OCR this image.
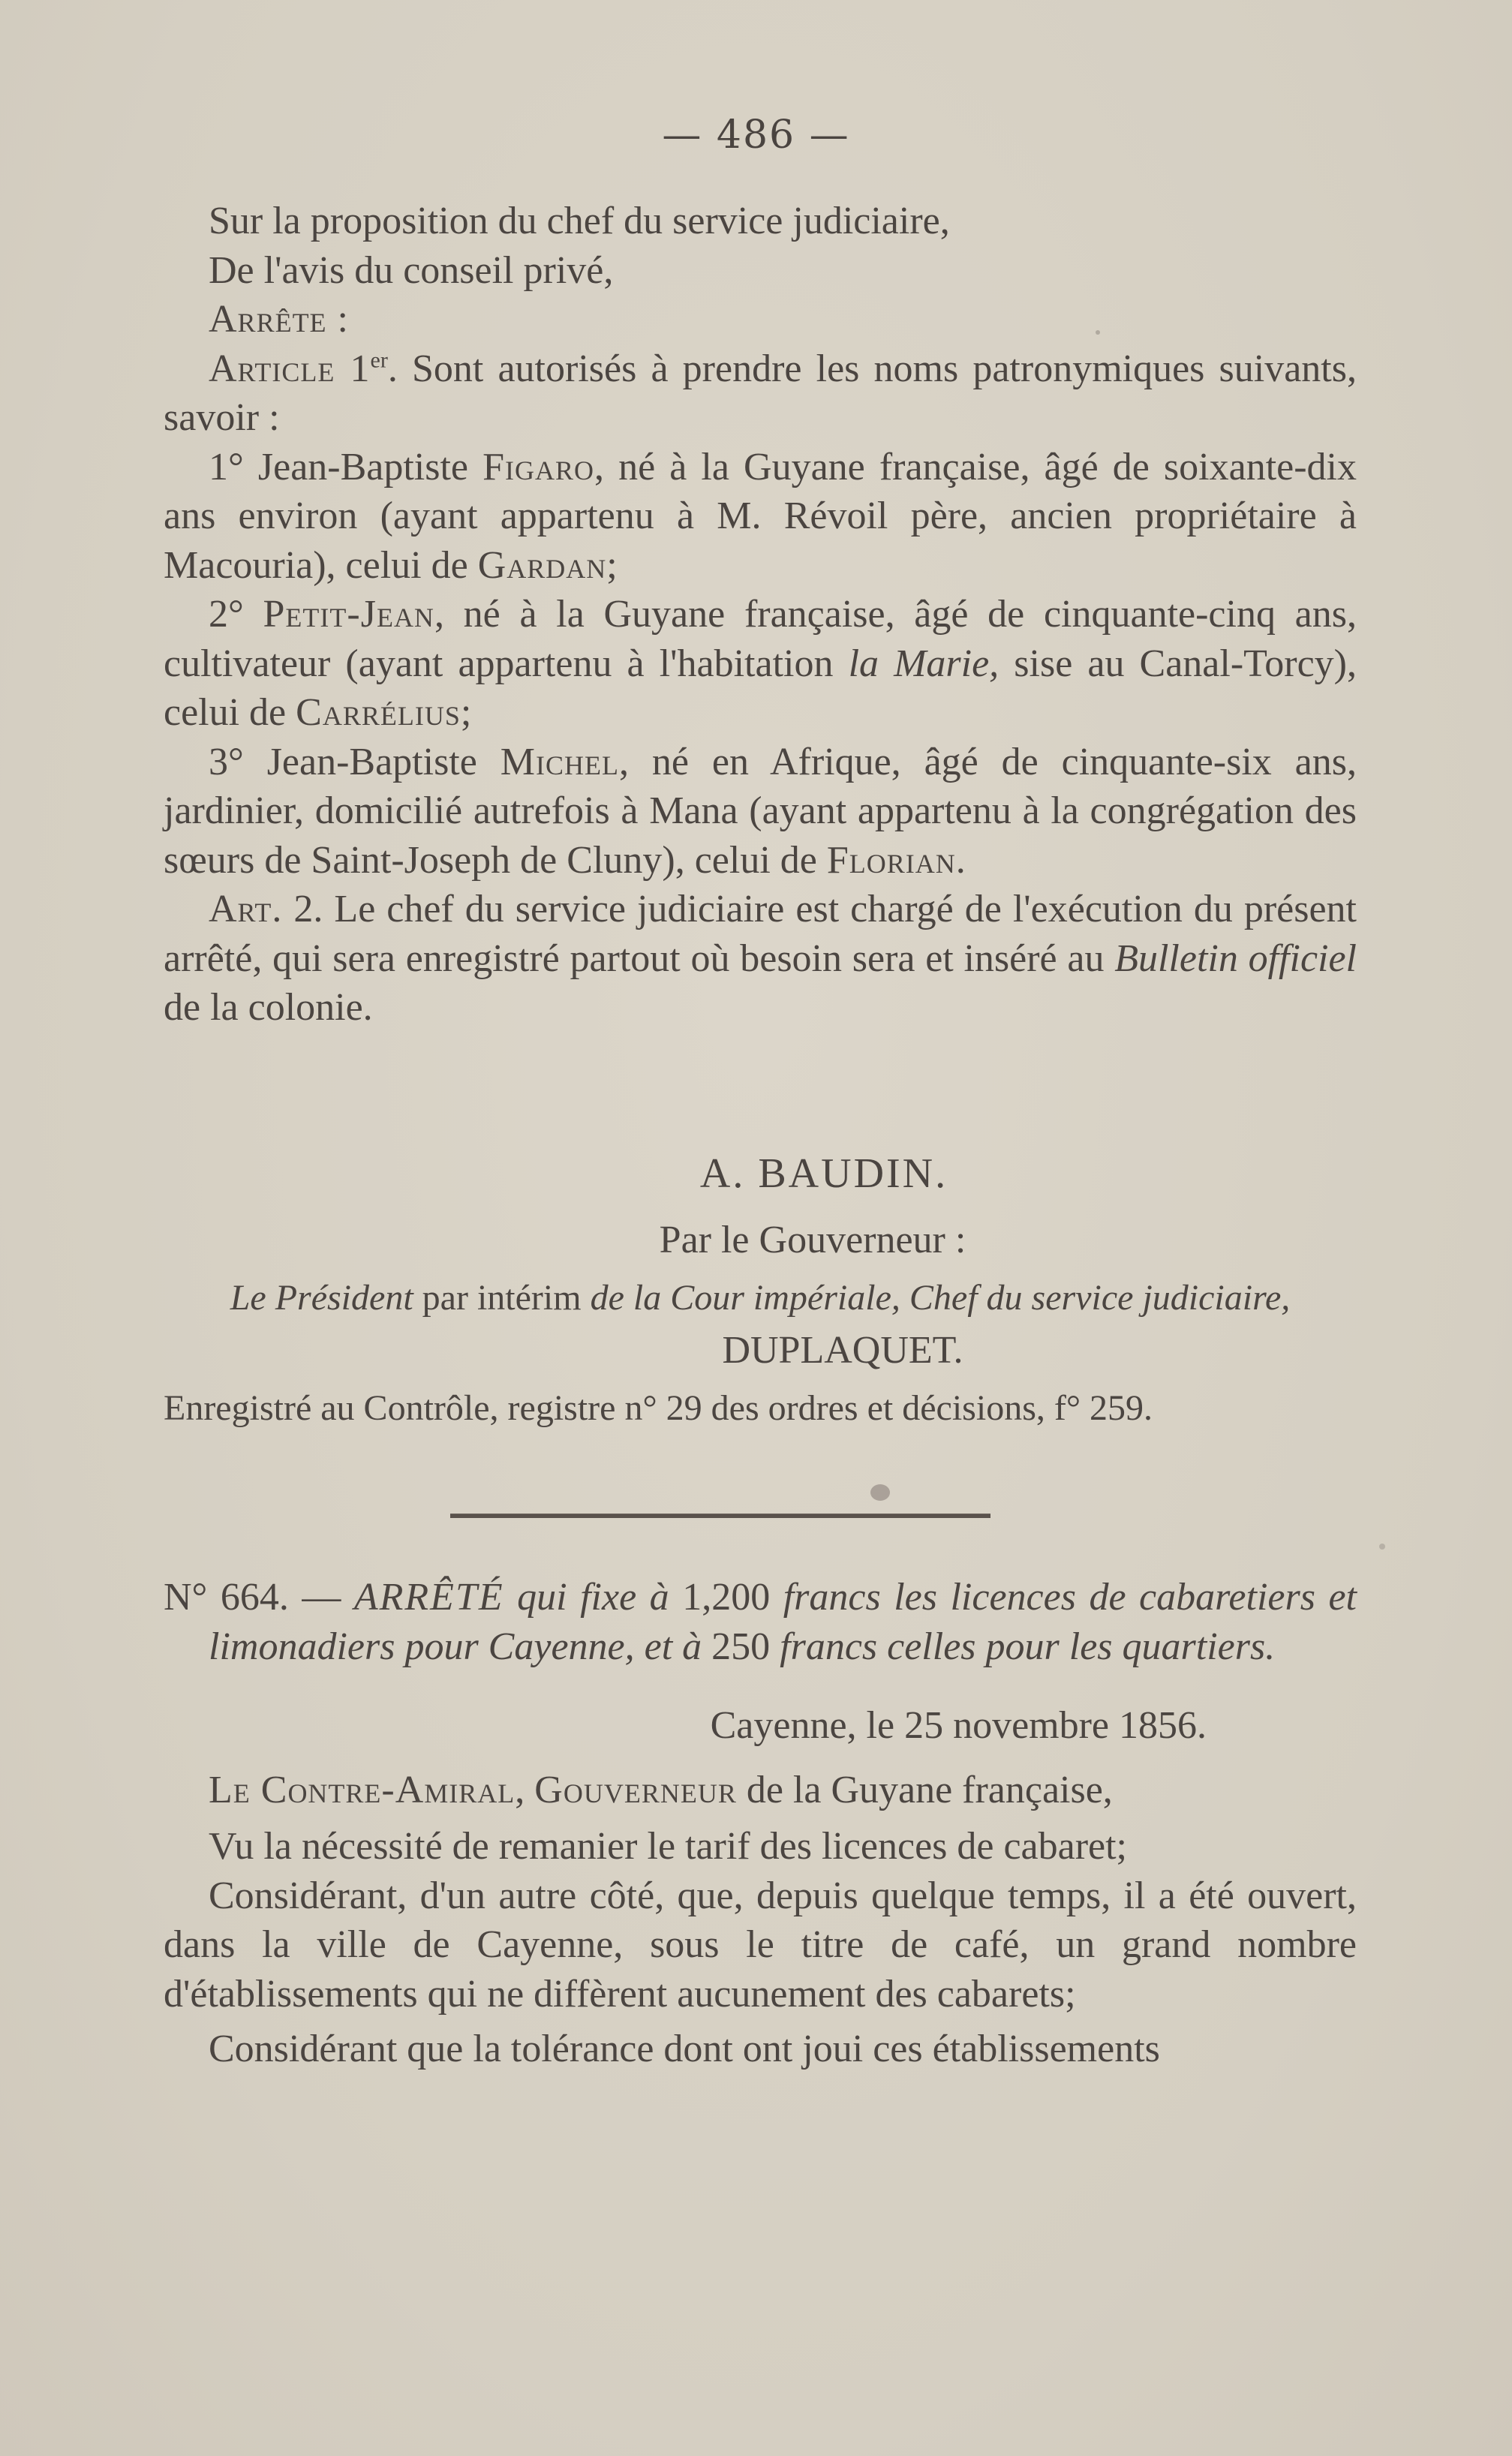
— 486 —

Sur la proposition du chef du service judiciaire,

De l'avis du conseil privé,

Arrête :

Article 1er. Sont autorisés à prendre les noms patronymiques suivants, savoir :

1° Jean-Baptiste Figaro, né à la Guyane française, âgé de soixante-dix ans environ (ayant appartenu à M. Révoil père, ancien propriétaire à Macouria), celui de Gardan;

2° Petit-Jean, né à la Guyane française, âgé de cinquante-cinq ans, cultivateur (ayant appartenu à l'habitation la Marie, sise au Canal-Torcy), celui de Carrélius;

3° Jean-Baptiste Michel, né en Afrique, âgé de cinquante-six ans, jardinier, domicilié autrefois à Mana (ayant appartenu à la congrégation des sœurs de Saint-Joseph de Cluny), celui de Florian.

Art. 2. Le chef du service judiciaire est chargé de l'exécution du présent arrêté, qui sera enregistré partout où besoin sera et inséré au Bulletin officiel de la colonie.

A. BAUDIN.

Par le Gouverneur :

Le Président par intérim de la Cour impériale, Chef du service judiciaire,

DUPLAQUET.

Enregistré au Contrôle, registre n° 29 des ordres et décisions, f° 259.

N° 664. — ARRÊTÉ qui fixe à 1,200 francs les licences de cabaretiers et limonadiers pour Cayenne, et à 250 francs celles pour les quartiers.

Cayenne, le 25 novembre 1856.

Le Contre-Amiral, Gouverneur de la Guyane française,

Vu la nécessité de remanier le tarif des licences de cabaret;

Considérant, d'un autre côté, que, depuis quelque temps, il a été ouvert, dans la ville de Cayenne, sous le titre de café, un grand nombre d'établissements qui ne diffèrent aucunement des cabarets;

Considérant que la tolérance dont ont joui ces établissements
